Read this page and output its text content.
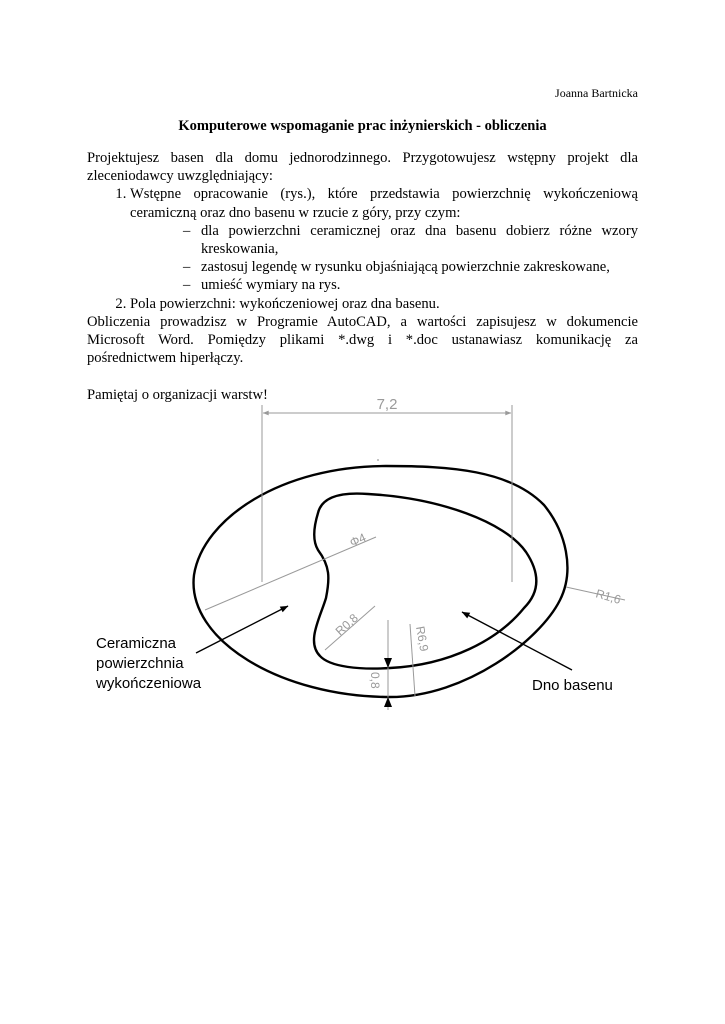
Joanna Bartnicka
Komputerowe wspomaganie prac inżynierskich - obliczenia

Projektujesz basen dla domu jednorodzinnego. Przygotowujesz wstępny projekt dla zleceniodawcy uwzględniający:

1. Wstępne opracowanie (rys.), które przedstawia powierzchnię wykończeniową ceramiczną oraz dno basenu w rzucie z góry, przy czym:
– dla powierzchni ceramicznej oraz dna basenu dobierz różne wzory kreskowania,
– zastosuj legendę w rysunku objaśniającą powierzchnie zakreskowane,
– umieść wymiary na rys.
2. Pola powierzchni: wykończeniowej oraz dna basenu.

Obliczenia prowadzisz w Programie AutoCAD, a wartości zapisujesz w dokumencie Microsoft Word. Pomiędzy plikami *.dwg i *.doc ustanawiasz komunikację za pośrednictwem hiperłączy.

Pamiętaj o organizacji warstw!

7,2
Φ4
R0,8
R6,9
R1,6
0,8
Ceramiczna
powierzchnia
wykończeniowa	Dno basenu
